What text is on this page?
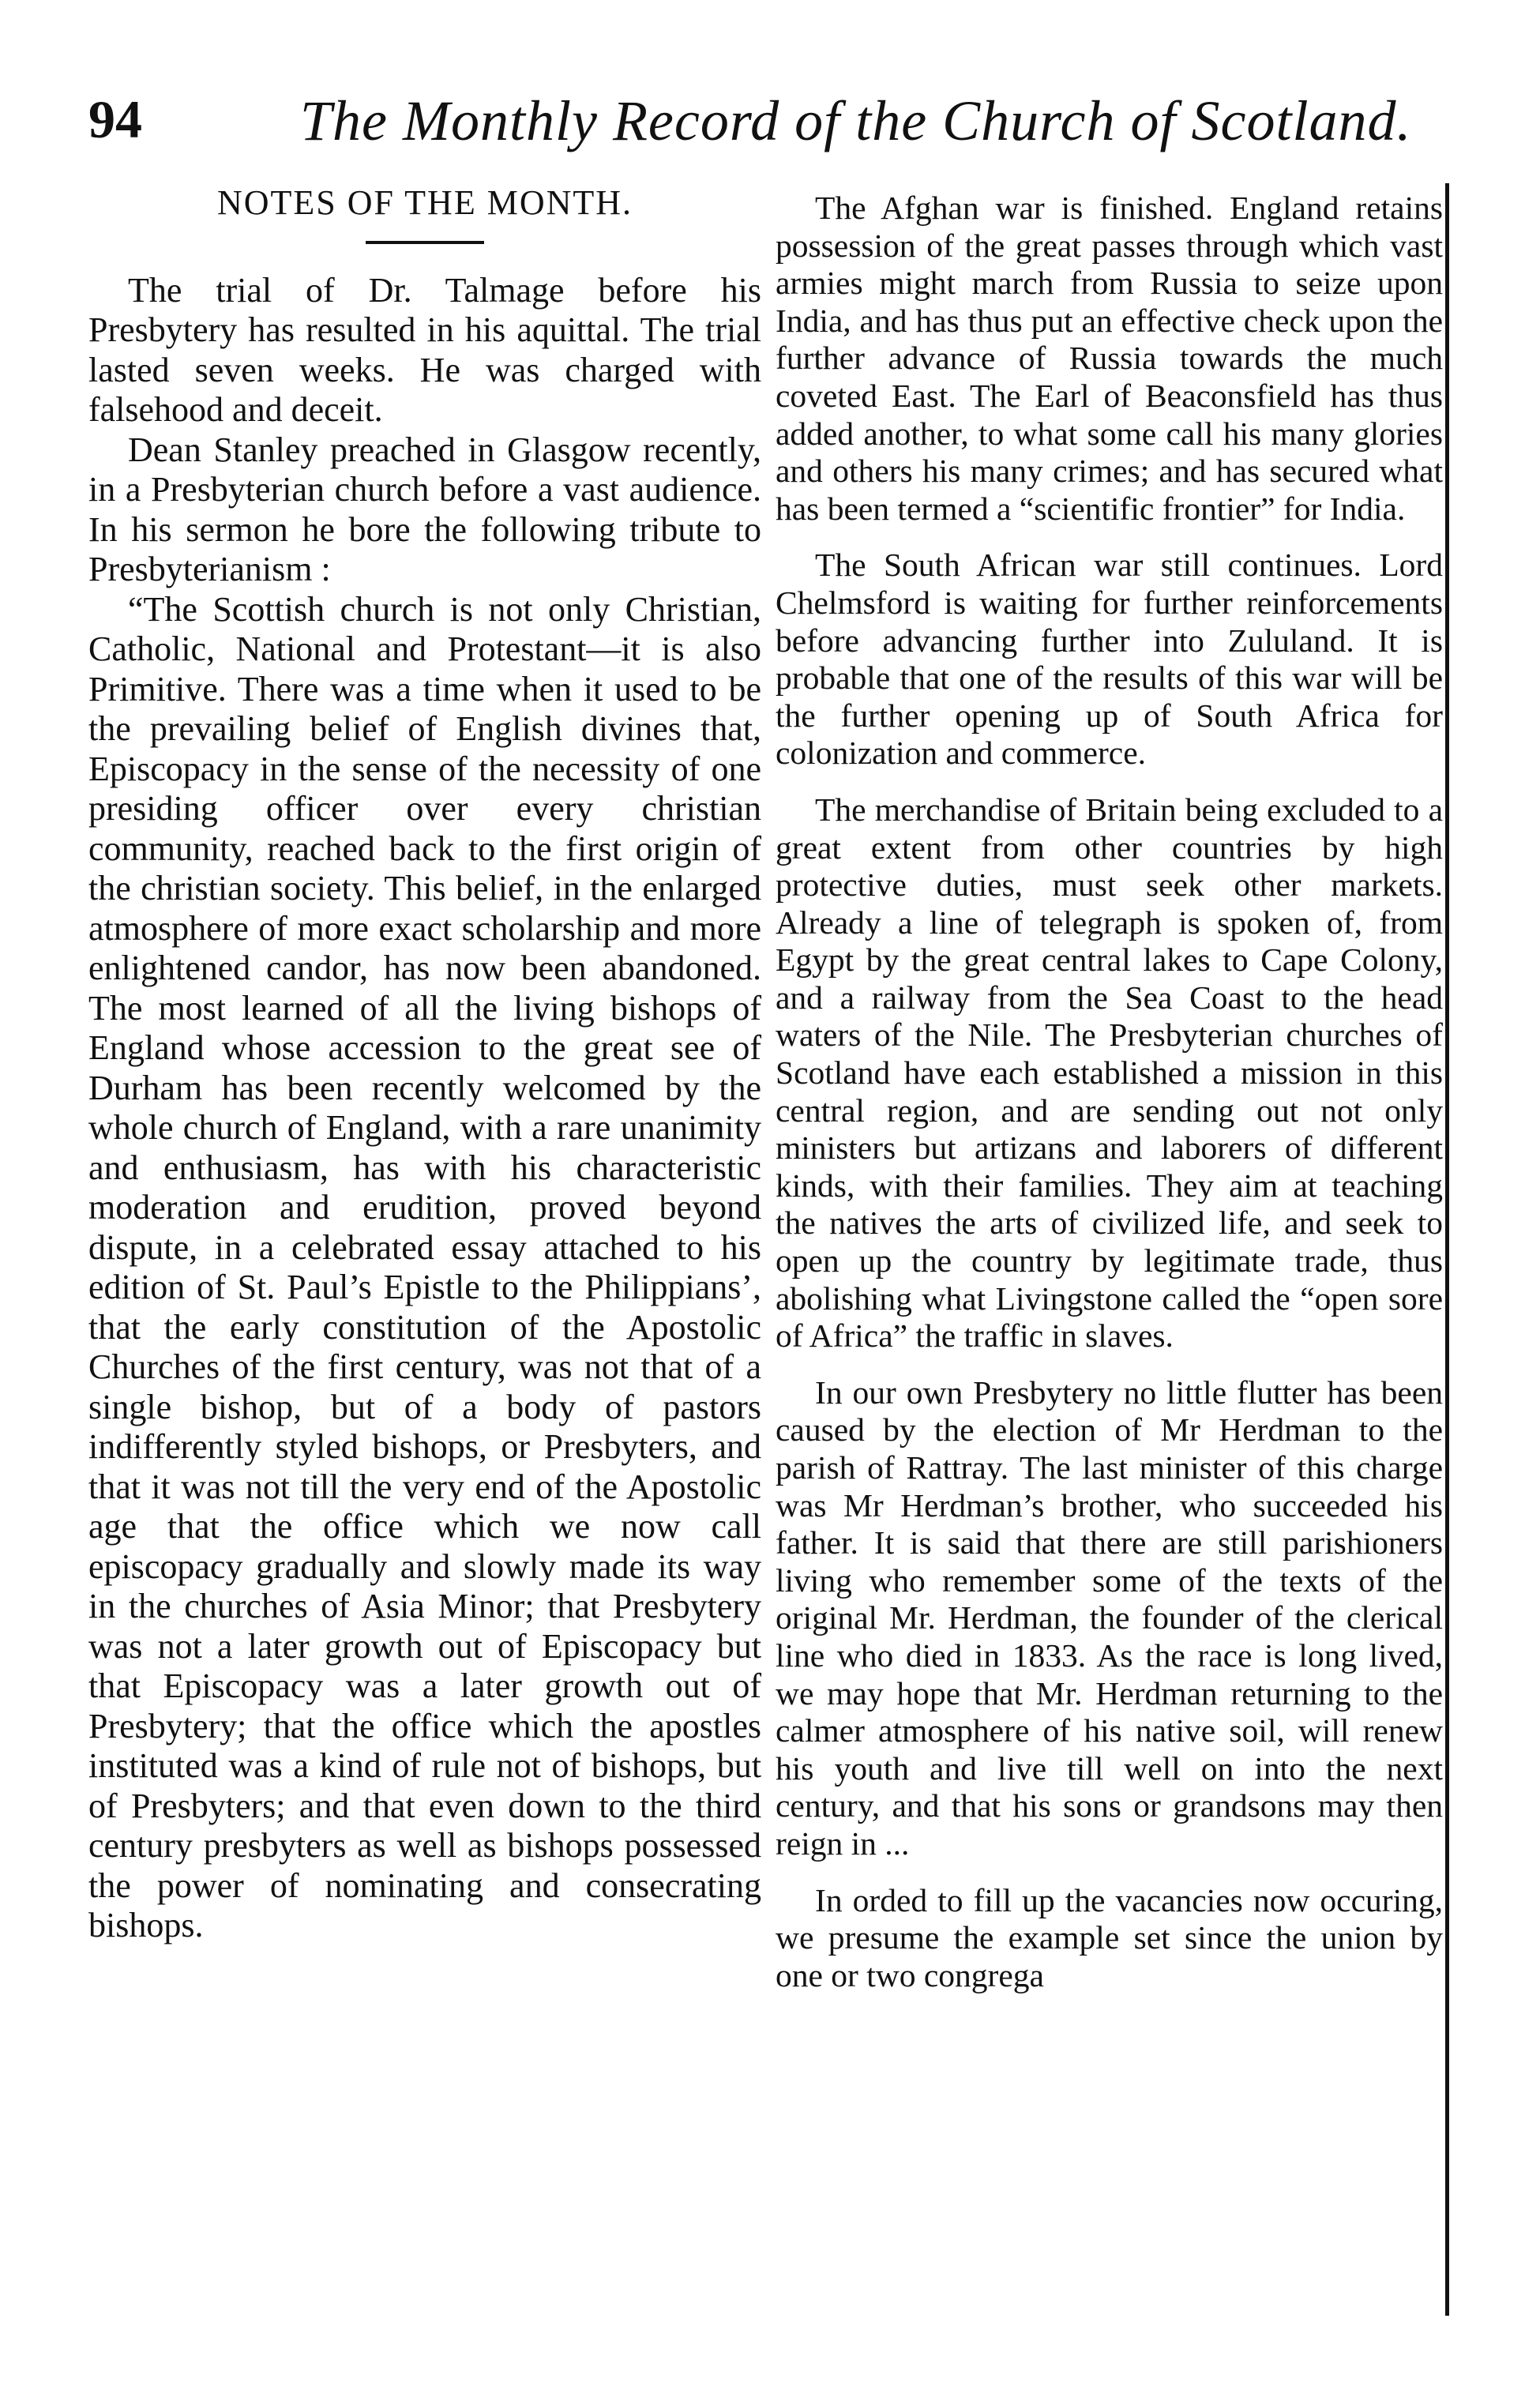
94	The Monthly Record of the Church of Scotland.
NOTES OF THE MONTH.

The trial of Dr. Talmage before his Presbytery has resulted in his aquittal. The trial lasted seven weeks. He was charged with falsehood and deceit.

Dean Stanley preached in Glasgow recently, in a Presbyterian church before a vast audience. In his sermon he bore the following tribute to Presbyterianism :

“The Scottish church is not only Christian, Catholic, National and Protestant—it is also Primitive. There was a time when it used to be the prevailing belief of English divines that, Episcopacy in the sense of the necessity of one presiding officer over every christian community, reached back to the first origin of the christian society. This belief, in the enlarged atmosphere of more exact scholarship and more enlightened candor, has now been abandoned. The most learned of all the living bishops of England whose accession to the great see of Durham has been recently welcomed by the whole church of England, with a rare unanimity and enthusiasm, has with his characteristic moderation and erudition, proved beyond dispute, in a celebrated essay attached to his edition of St. Paul’s Epistle to the Philippians’, that the early constitution of the Apostolic Churches of the first century, was not that of a single bishop, but of a body of pastors indifferently styled bishops, or Presbyters, and that it was not till the very end of the Apostolic age that the office which we now call episcopacy gradually and slowly made its way in the churches of Asia Minor; that Presbytery was not a later growth out of Episcopacy but that Episcopacy was a later growth out of Presbytery; that the office which the apostles instituted was a kind of rule not of bishops, but of Presbyters; and that even down to the third century presbyters as well as bishops possessed the power of nominating and consecrating bishops.

The Afghan war is finished. England retains possession of the great passes through which vast armies might march from Russia to seize upon India, and has thus put an effective check upon the further advance of Russia towards the much coveted East. The Earl of Beaconsfield has thus added another, to what some call his many glories and others his many crimes; and has secured what has been termed a “scientific frontier” for India.

The South African war still continues. Lord Chelmsford is waiting for further reinforcements before advancing further into Zululand. It is probable that one of the results of this war will be the further opening up of South Africa for colonization and commerce.

The merchandise of Britain being excluded to a great extent from other countries by high protective duties, must seek other markets. Already a line of telegraph is spoken of, from Egypt by the great central lakes to Cape Colony, and a railway from the Sea Coast to the head waters of the Nile. The Presbyterian churches of Scotland have each established a mission in this central region, and are sending out not only ministers but artizans and laborers of different kinds, with their families. They aim at teaching the natives the arts of civilized life, and seek to open up the country by legitimate trade, thus abolishing what Livingstone called the “open sore of Africa” the traffic in slaves.

In our own Presbytery no little flutter has been caused by the election of Mr Herdman to the parish of Rattray. The last minister of this charge was Mr Herdman’s brother, who succeeded his father. It is said that there are still parishioners living who remember some of the texts of the original Mr. Herdman, the founder of the clerical line who died in 1833. As the race is long lived, we may hope that Mr. Herdman returning to the calmer atmosphere of his native soil, will renew his youth and live till well on into the next century, and that his sons or grandsons may then reign in ...

In orded to fill up the vacancies now occuring, we presume the example set since the union by one or two congrega
